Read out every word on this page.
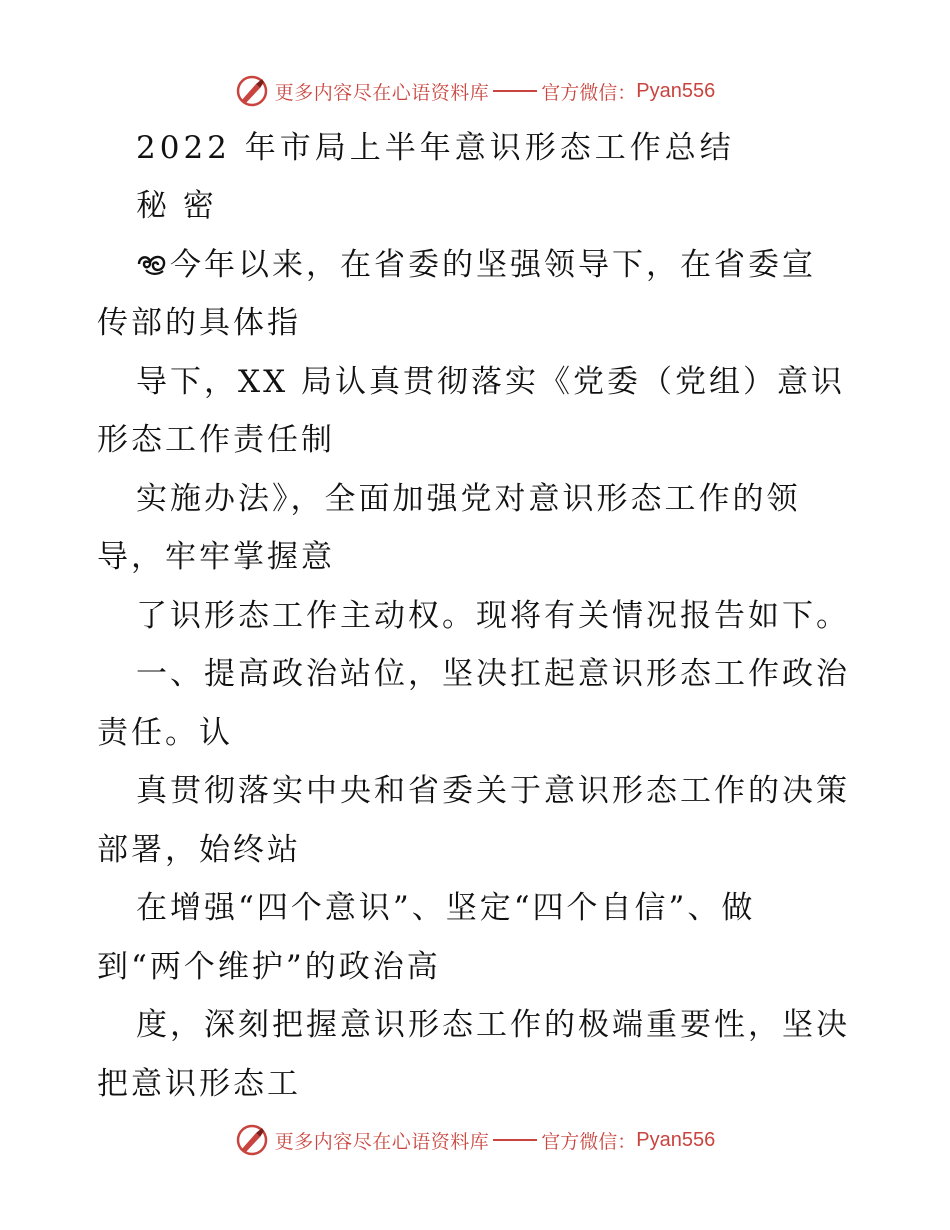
更多内容尽在心语资料库	官方微信： Pyan556
2022 年市局上半年意识形态工作总结
秘 密
今年以来，在省委的坚强领导下，在省委宣
传部的具体指
导下，XX 局认真贯彻落实《党委（党组）意识
形态工作责任制
实施办法》，全面加强党对意识形态工作的领
导，牢牢掌握意
了识形态工作主动权。现将有关情况报告如下。
一、提高政治站位，坚决扛起意识形态工作政治
责任。认
真贯彻落实中央和省委关于意识形态工作的决策
部署，始终站
在增强“四个意识”、坚定“四个自信”、做
到“两个维护”的政治高
度，深刻把握意识形态工作的极端重要性，坚决
把意识形态工
更多内容尽在心语资料库	官方微信： Pyan556
